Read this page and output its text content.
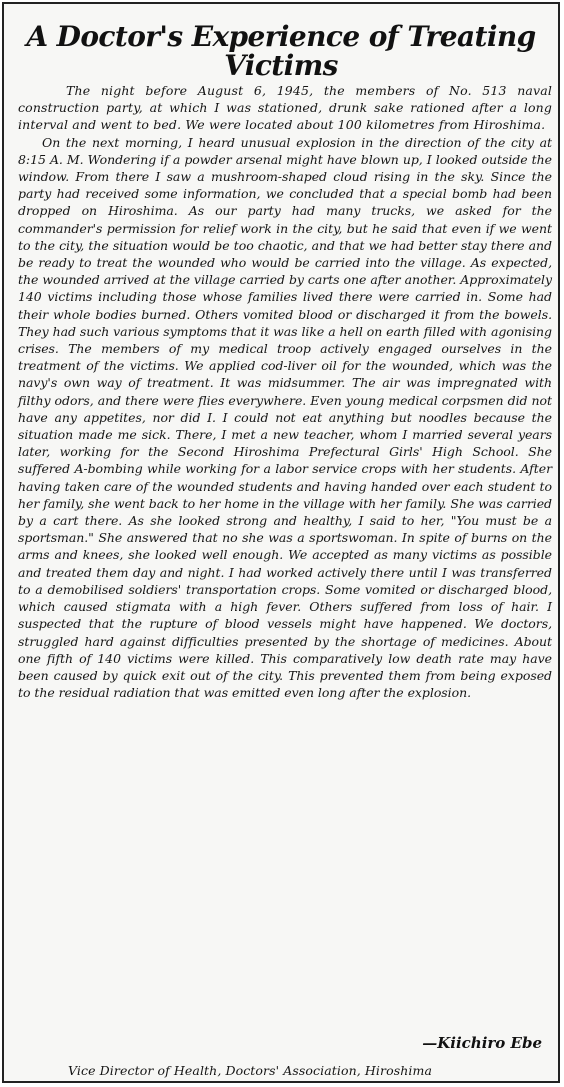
A Doctor's Experience of Treating Victims

The night before August 6, 1945, the members of No. 513 naval construction party, at which I was stationed, drunk sake rationed after a long interval and went to bed. We were located about 100 kilometres from Hiroshima.

On the next morning, I heard unusual explosion in the direction of the city at 8:15 A. M. Wondering if a powder arsenal might have blown up, I looked outside the window. From there I saw a mushroom-shaped cloud rising in the sky. Since the party had received some information, we concluded that a special bomb had been dropped on Hiroshima. As our party had many trucks, we asked for the commander's permission for relief work in the city, but he said that even if we went to the city, the situation would be too chaotic, and that we had better stay there and be ready to treat the wounded who would be carried into the village. As expected, the wounded arrived at the village carried by carts one after another. Approximately 140 victims including those whose families lived there were carried in. Some had their whole bodies burned. Others vomited blood or discharged it from the bowels. They had such various symptoms that it was like a hell on earth filled with agonising crises. The members of my medical troop actively engaged ourselves in the treatment of the victims. We applied cod-liver oil for the wounded, which was the navy's own way of treatment. It was midsummer. The air was impregnated with filthy odors, and there were flies everywhere. Even young medical corpsmen did not have any appetites, nor did I. I could not eat anything but noodles because the situation made me sick. There, I met a new teacher, whom I married several years later, working for the Second Hiroshima Prefectural Girls' High School. She suffered A-bombing while working for a labor service crops with her students. After having taken care of the wounded students and having handed over each student to her family, she went back to her home in the village with her family. She was carried by a cart there. As she looked strong and healthy, I said to her, "You must be a sportsman." She answered that no she was a sportswoman. In spite of burns on the arms and knees, she looked well enough. We accepted as many victims as possible and treated them day and night. I had worked actively there until I was transferred to a demobilised soldiers' transportation crops. Some vomited or discharged blood, which caused stigmata with a high fever. Others suffered from loss of hair. I suspected that the rupture of blood vessels might have happened. We doctors, struggled hard against difficulties presented by the shortage of medicines. About one fifth of 140 victims were killed. This comparatively low death rate may have been caused by quick exit out of the city. This prevented them from being exposed to the residual radiation that was emitted even long after the explosion.

—Kiichiro Ebe
Vice Director of Health, Doctors' Association, Hiroshima
